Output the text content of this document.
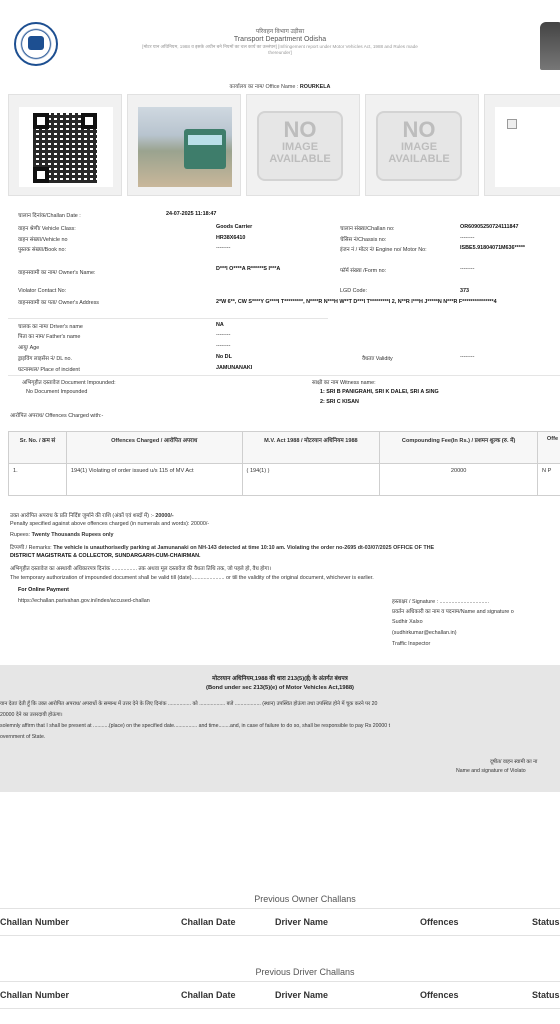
परिवहन विभाग उड़ीसा
Transport Department Odisha
[मोटर यान अधिनियम, 1988 व इसके अधीन बने नियमों का चल कार्य का उल्लंघन] [Infringement report under Motor Vehicles Act, 1988 and Rules made
thereunder]
कार्यालय का नाम/ Office Name : ROURKELA
NO
IMAGE
AVAILABLE
NO
IMAGE
AVAILABLE
चालान दिनांक/Challan Date :	24-07-2025 11:18:47
वाहन श्रेणी/ Vehicle Class:	Goods Carrier	चालान संख्या/Challan no:	OR60905250724111847
वाहन संख्या/Vehicle no	HR38X6410	चेसिस नं/Chassis no:	--------
पुस्तक संख्या/Book no:	--------	इंजन नं / मोटर नं/ Engine no/ Motor No:	ISBE5.91804071M636*****
वाहनस्वामी का नाम/ Owner's Name:
D***I O****A R******S I***A	फॉर्म संख्या /Form no:	--------
Violator Contact No:	LGD Code:	373
वाहनस्वामी का पता/ Owner's Address	2*W 6**, CW S****Y G****I T*********, N****R N***H W**T D***I T*********I 2, N**R I***H J*****N N***R F***************4
चालक का नाम/ Driver's name	NA
पिता का नाम/ Father's name	--------
आयु/ Age	--------
ड्राइविंग लाइसेंस नं/ DL no.	No DL	वैधता/ Validity	--------
घटनास्थल/ Place of incident	JAMUNANAKI
अभिगृहीत दस्तावेज Document Impounded:
No Document Impounded
साक्षी का नाम Witness name:
1: SRI B PANIGRAHI, SRI K DALEI, SRI A SING
2: SRI C KISAN
आरोपित अपराध/ Offences Charged with:-
Sr. No. / क्रम सं	Offences Charged / आरोपित अपराध	M.V. Act 1988 / मोटरयान अधिनियम 1988	Compounding Fee(In Rs.) / प्रशमन शुल्क (रु. में)	Offe
1.	194(1) Violating of order issued u/s 115 of MV Act	( 194(1) )	20000	N P
उक्त आरोपित अपराध के प्रति निर्दिष्ट जुर्माने की राशि (अंकों एवं शब्दों में) :- 20000/-
Penalty specified against above offences charged (in numerals and words): 20000/-
Rupees: Twenty Thousands Rupees only
टिप्पणी / Remarks: The vehicle is unauthorisedly parking at Jamunanaki on NH-143 detected at time 10:10 am. Violating the order no-2695 dt-03/07/2025 OFFICE OF THE
DISTRICT MAGISTRATE & COLLECTOR, SUNDARGARH-CUM-CHAIRMAN.
अभिगृहीत दस्तावेज का अस्थायी अधिकारपत्र दिनांक ................. तक अथवा मूल दस्तावेज की वैधता तिथि तक, जो पहले हो, वैध होगा।
The temporary authorization of impounded document shall be valid till (date)...................... or till the validity of the original document, whichever is earlier.
For Online Payment
https://echallan.parivahan.gov.in/index/accused-challan	हस्ताक्षर / Signature : .................................
प्रवर्तन अधिकारी का नाम व पदनाम/Name and signature o
Sudhir Xalxo
(sudhirkumar@echallan.in)
Traffic Inspector
मोटरयान अधिनियम,1988 की धारा 213(5)(ई) के अंतर्गत बंधपत्र
(Bond under sec 213(5)(e) of Motor Vehicles Act,1988)
यान देता/ देती हूँ कि उक्त आरोपित अपराध/ अपराधों के सम्बन्ध में उत्तर देने के लिए दिनांक ................ को .................. बजे .................. (स्थान) उपस्थित होऊंगा तथा उपस्थित होने में चूक करने पर 20
20000 देने का उत्तरदायी होऊंगा।
solemnly affirm that I shall be present at ...........(place) on the specified date................ and time........and, in case of failure to do so, shall be responsible to pay Rs 20000 t
overnment of State.
दूषीत/ वाहन स्वामी का ना
Name and signature of Violato
Previous Owner Challans
Challan Number	Challan Date	Driver Name	Offences	Status
Previous Driver Challans
Challan Number	Challan Date	Driver Name	Offences	Status
